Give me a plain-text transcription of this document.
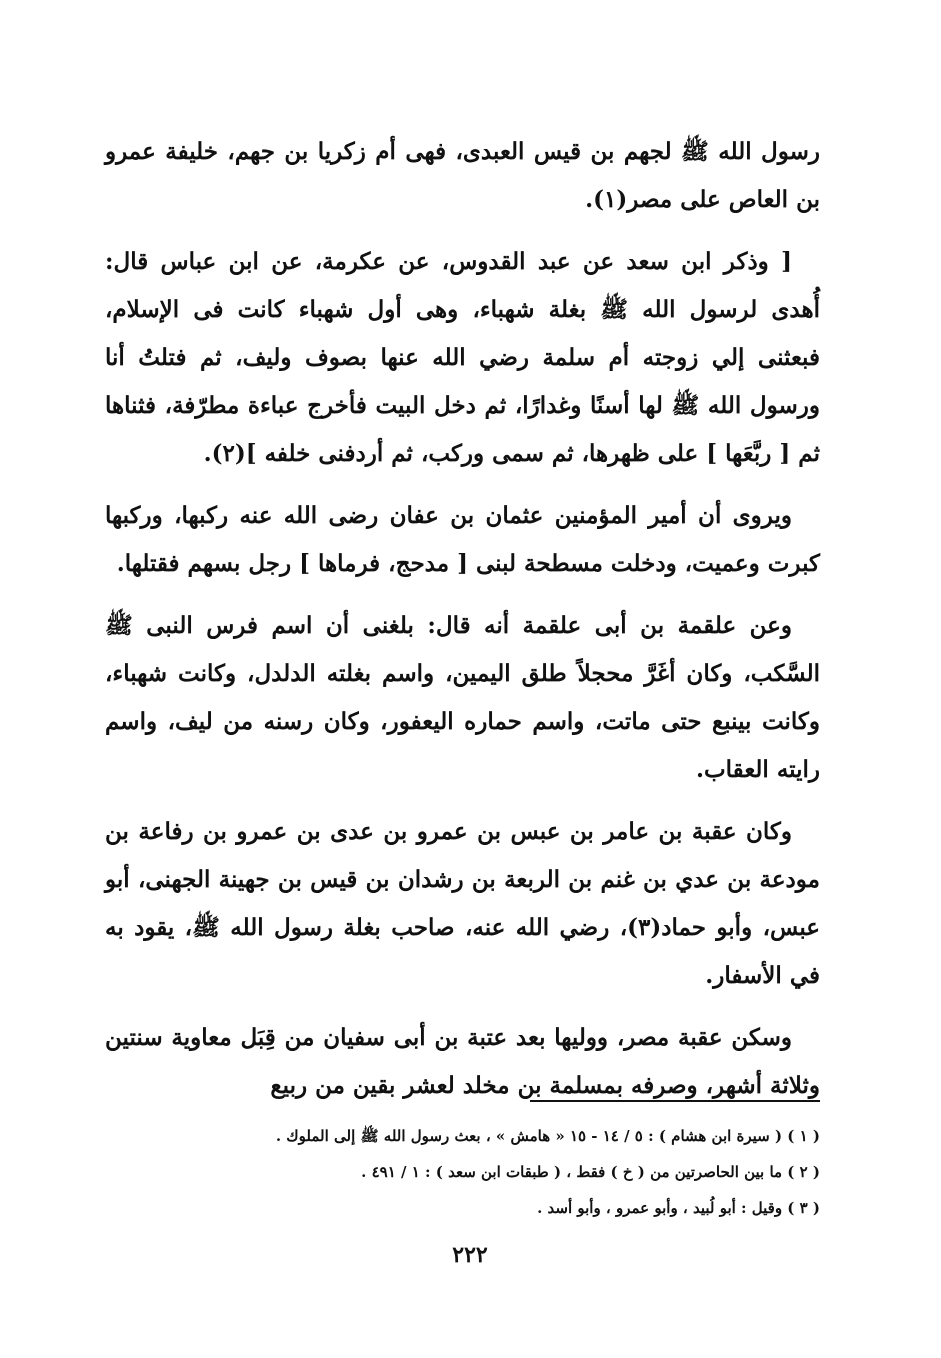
رسول الله ﷺ لجهم بن قيس العبدى، فهى أم زكريا بن جهم، خليفة عمرو بن العاص على مصر(١).

[ وذكر ابن سعد عن عبد القدوس، عن عكرمة، عن ابن عباس قال: أُهدى لرسول الله ﷺ بغلة شهباء، وهى أول شهباء كانت فى الإسلام، فبعثنى إلي زوجته أم سلمة رضي الله عنها بصوف وليف، ثم فتلتُ أنا ورسول الله ﷺ لها أسنًا وغدارًا، ثم دخل البيت فأخرج عباءة مطرّفة، فثناها ثم [ ربَّعَها ] على ظهرها، ثم سمى وركب، ثم أردفنى خلفه ](٢).

ويروى أن أمير المؤمنين عثمان بن عفان رضى الله عنه ركبها، وركبها كبرت وعميت، ودخلت مسطحة لبنى [ مدحج، فرماها ] رجل بسهم فقتلها.

وعن علقمة بن أبى علقمة أنه قال: بلغنى أن اسم فرس النبى ﷺ السَّكب، وكان أغَرَّ محجلاً طلق اليمين، واسم بغلته الدلدل، وكانت شهباء، وكانت بينبع حتى ماتت، واسم حماره اليعفور، وكان رسنه من ليف، واسم رايته العقاب.

وكان عقبة بن عامر بن عبس بن عمرو بن عدى بن عمرو بن رفاعة بن مودعة بن عدي بن غنم بن الربعة بن رشدان بن قيس بن جهينة الجهنى، أبو عبس، وأبو حماد(٣)، رضي الله عنه، صاحب بغلة رسول الله ﷺ، يقود به في الأسفار.

وسكن عقبة مصر، ووليها بعد عتبة بن أبى سفيان من قِبَل معاوية سنتين وثلاثة أشهر، وصرفه بمسلمة بن مخلد لعشر بقين من ربيع

( ١ ) ( سيرة ابن هشام ) : ٥ / ١٤ - ١٥ « هامش » ، بعث رسول الله ﷺ إلى الملوك .

( ٢ ) ما بين الحاصرتين من ( خ ) فقط ، ( طبقات ابن سعد ) : ١ / ٤٩١ .

( ٣ ) وقيل : أبو لُبيد ، وأبو عمرو ، وأبو أسد .

٢٢٢
